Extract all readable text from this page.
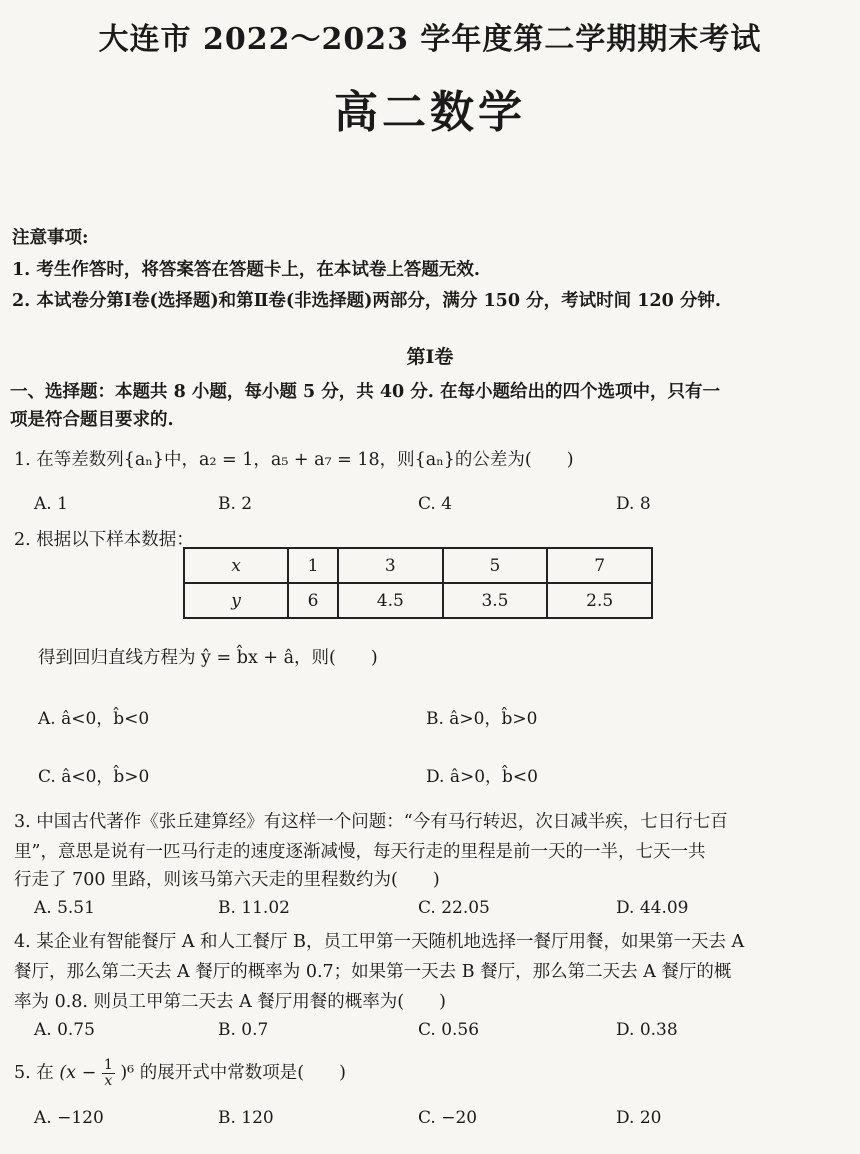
大连市 2022～2023 学年度第二学期期末考试
高二数学
注意事项:
1. 考生作答时，将答案答在答题卡上，在本试卷上答题无效.
2. 本试卷分第Ⅰ卷(选择题)和第Ⅱ卷(非选择题)两部分，满分 150 分，考试时间 120 分钟.
第Ⅰ卷
一、选择题：本题共 8 小题，每小题 5 分，共 40 分. 在每小题给出的四个选项中，只有一
项是符合题目要求的.
1. 在等差数列{aₙ}中，a₂ = 1，a₅ + a₇ = 18，则{aₙ}的公差为(　　)
A. 1	B. 2	C. 4	D. 8
2. 根据以下样本数据：
x	1	3	5	7
y	6	4.5	3.5	2.5
得到回归直线方程为 ŷ = b̂x + â，则(　　)
A. â<0，b̂<0	B. â>0，b̂>0
C. â<0，b̂>0	D. â>0，b̂<0
3. 中国古代著作《张丘建算经》有这样一个问题：“今有马行转迟，次日减半疾，七日行七百
里”，意思是说有一匹马行走的速度逐渐减慢，每天行走的里程是前一天的一半，七天一共
行走了 700 里路，则该马第六天走的里程数约为(　　)
A. 5.51	B. 11.02	C. 22.05	D. 44.09
4. 某企业有智能餐厅 A 和人工餐厅 B，员工甲第一天随机地选择一餐厅用餐，如果第一天去 A
餐厅，那么第二天去 A 餐厅的概率为 0.7；如果第一天去 B 餐厅，那么第二天去 A 餐厅的概
率为 0.8. 则员工甲第二天去 A 餐厅用餐的概率为(　　)
A. 0.75	B. 0.7	C. 0.56	D. 0.38
5. 在 $(x - \frac{1}{x} )^6$ 的展开式中常数项是(　　)
A. −120	B. 120	C. −20	D. 20
